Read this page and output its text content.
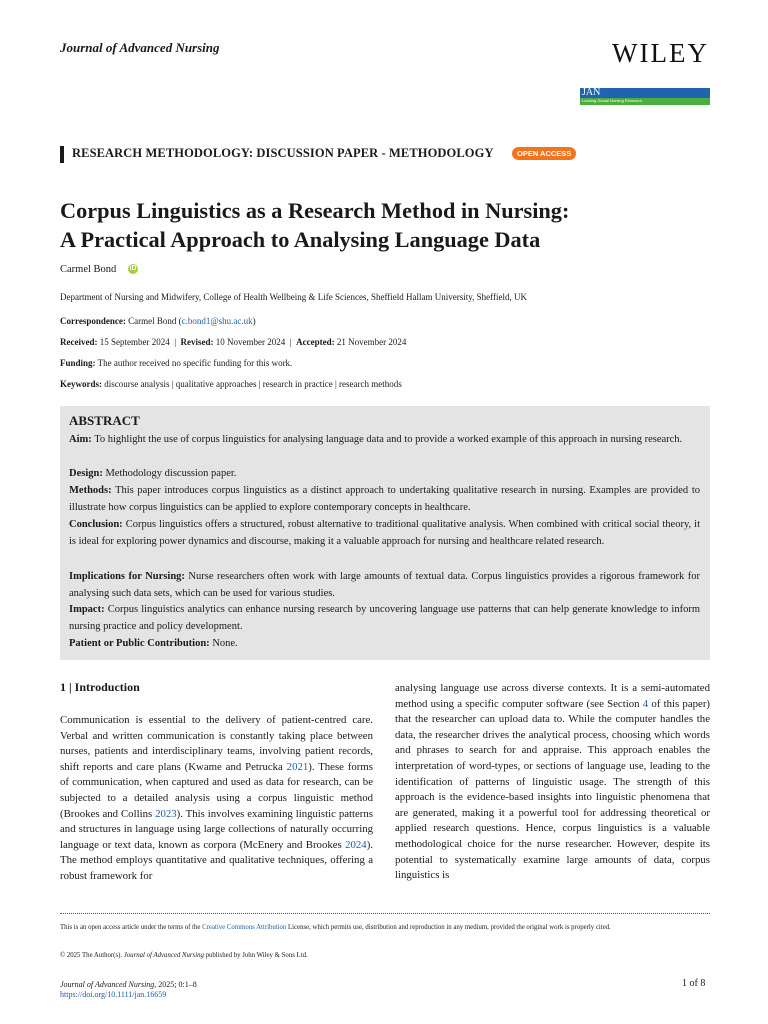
Journal of Advanced Nursing	WILEY
JAN
Leading Global Nursing Research
RESEARCH METHODOLOGY: DISCUSSION PAPER - METHODOLOGY	OPEN ACCESS
Corpus Linguistics as a Research Method in Nursing:
A Practical Approach to Analysing Language Data
Carmel Bond iD
Department of Nursing and Midwifery, College of Health Wellbeing & Life Sciences, Sheffield Hallam University, Sheffield, UK
Correspondence: Carmel Bond (c.bond1@shu.ac.uk)
Received: 15 September 2024 | Revised: 10 November 2024 | Accepted: 21 November 2024
Funding: The author received no specific funding for this work.
Keywords: discourse analysis | qualitative approaches | research in practice | research methods
ABSTRACT
Aim: To highlight the use of corpus linguistics for analysing language data and to provide a worked example of this approach in nursing research.
Design: Methodology discussion paper.
Methods: This paper introduces corpus linguistics as a distinct approach to undertaking qualitative research in nursing. Examples are provided to illustrate how corpus linguistics can be applied to explore contemporary concepts in healthcare.
Conclusion: Corpus linguistics offers a structured, robust alternative to traditional qualitative analysis. When combined with critical social theory, it is ideal for exploring power dynamics and discourse, making it a valuable approach for nursing and healthcare related research.
Implications for Nursing: Nurse researchers often work with large amounts of textual data. Corpus linguistics provides a rigorous framework for analysing such data sets, which can be used for various studies.
Impact: Corpus linguistics analytics can enhance nursing research by uncovering language use patterns that can help generate knowledge to inform nursing practice and policy development.
Patient or Public Contribution: None.
1 | Introduction
Communication is essential to the delivery of patient-centred care. Verbal and written communication is constantly taking place between nurses, patients and interdisciplinary teams, involving patient records, shift reports and care plans (Kwame and Petrucka 2021). These forms of communication, when captured and used as data for research, can be subjected to a detailed analysis using a corpus linguistic method (Brookes and Collins 2023). This involves examining linguistic patterns and structures in language using large collections of naturally occurring language or text data, known as corpora (McEnery and Brookes 2024). The method employs quantitative and qualitative techniques, offering a robust framework for
analysing language use across diverse contexts. It is a semi-automated method using a specific computer software (see Section 4 of this paper) that the researcher can upload data to. While the computer handles the data, the researcher drives the analytical process, choosing which words and phrases to search for and appraise. This approach enables the interpretation of word-types, or sections of language use, leading to the identification of patterns of linguistic usage. The strength of this approach is the evidence-based insights into linguistic phenomena that are generated, making it a powerful tool for addressing theoretical or applied research questions. Hence, corpus linguistics is a valuable methodological choice for the nurse researcher. However, despite its potential to systematically examine large amounts of data, corpus linguistics is
This is an open access article under the terms of the Creative Commons Attribution License, which permits use, distribution and reproduction in any medium, provided the original work is properly cited.
© 2025 The Author(s). Journal of Advanced Nursing published by John Wiley & Sons Ltd.
Journal of Advanced Nursing, 2025; 0:1–8
https://doi.org/10.1111/jan.16659
1 of 8
